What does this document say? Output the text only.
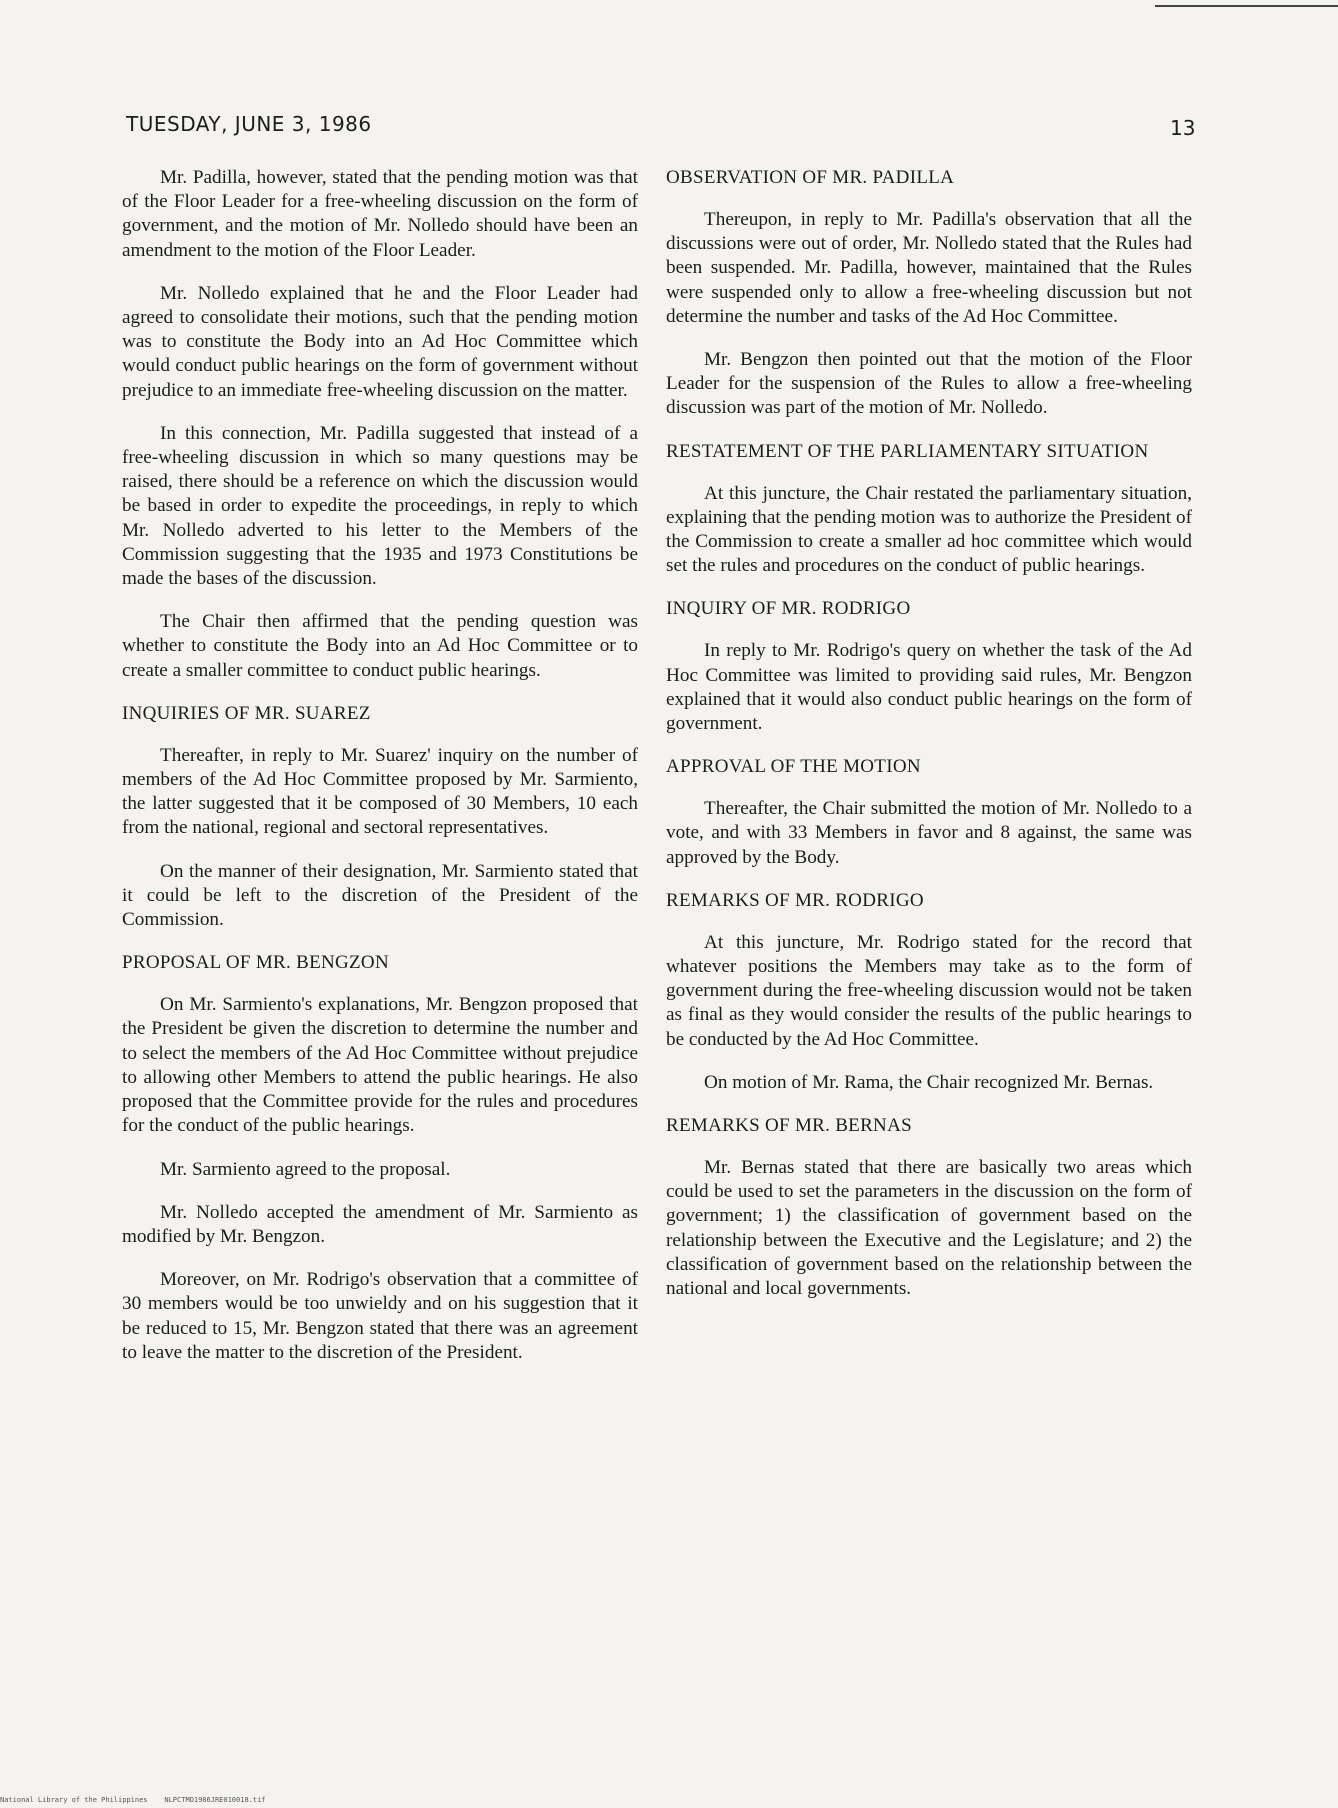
TUESDAY, JUNE 3, 1986	13

Mr. Padilla, however, stated that the pending motion was that of the Floor Leader for a free-wheeling discussion on the form of government, and the motion of Mr. Nolledo should have been an amendment to the motion of the Floor Leader.

Mr. Nolledo explained that he and the Floor Leader had agreed to consolidate their motions, such that the pending motion was to constitute the Body into an Ad Hoc Committee which would conduct public hearings on the form of government without prejudice to an immediate free-wheeling discussion on the matter.

In this connection, Mr. Padilla suggested that instead of a free-wheeling discussion in which so many questions may be raised, there should be a reference on which the discussion would be based in order to expedite the proceedings, in reply to which Mr. Nolledo adverted to his letter to the Members of the Commission suggesting that the 1935 and 1973 Constitutions be made the bases of the discussion.

The Chair then affirmed that the pending question was whether to constitute the Body into an Ad Hoc Committee or to create a smaller committee to conduct public hearings.

INQUIRIES OF MR. SUAREZ

Thereafter, in reply to Mr. Suarez' inquiry on the number of members of the Ad Hoc Committee proposed by Mr. Sarmiento, the latter suggested that it be composed of 30 Members, 10 each from the national, regional and sectoral representatives.

On the manner of their designation, Mr. Sarmiento stated that it could be left to the discretion of the President of the Commission.

PROPOSAL OF MR. BENGZON

On Mr. Sarmiento's explanations, Mr. Bengzon proposed that the President be given the discretion to determine the number and to select the members of the Ad Hoc Committee without prejudice to allowing other Members to attend the public hearings. He also proposed that the Committee provide for the rules and procedures for the conduct of the public hearings.

Mr. Sarmiento agreed to the proposal.

Mr. Nolledo accepted the amendment of Mr. Sarmiento as modified by Mr. Bengzon.

Moreover, on Mr. Rodrigo's observation that a committee of 30 members would be too unwieldy and on his suggestion that it be reduced to 15, Mr. Bengzon stated that there was an agreement to leave the matter to the discretion of the President.

OBSERVATION OF MR. PADILLA

Thereupon, in reply to Mr. Padilla's observation that all the discussions were out of order, Mr. Nolledo stated that the Rules had been suspended. Mr. Padilla, however, maintained that the Rules were suspended only to allow a free-wheeling discussion but not determine the number and tasks of the Ad Hoc Committee.

Mr. Bengzon then pointed out that the motion of the Floor Leader for the suspension of the Rules to allow a free-wheeling discussion was part of the motion of Mr. Nolledo.

RESTATEMENT OF THE PARLIAMENTARY SITUATION

At this juncture, the Chair restated the parliamentary situation, explaining that the pending motion was to authorize the President of the Commission to create a smaller ad hoc committee which would set the rules and procedures on the conduct of public hearings.

INQUIRY OF MR. RODRIGO

In reply to Mr. Rodrigo's query on whether the task of the Ad Hoc Committee was limited to providing said rules, Mr. Bengzon explained that it would also conduct public hearings on the form of government.

APPROVAL OF THE MOTION

Thereafter, the Chair submitted the motion of Mr. Nolledo to a vote, and with 33 Members in favor and 8 against, the same was approved by the Body.

REMARKS OF MR. RODRIGO

At this juncture, Mr. Rodrigo stated for the record that whatever positions the Members may take as to the form of government during the free-wheeling discussion would not be taken as final as they would consider the results of the public hearings to be conducted by the Ad Hoc Committee.

On motion of Mr. Rama, the Chair recognized Mr. Bernas.

REMARKS OF MR. BERNAS

Mr. Bernas stated that there are basically two areas which could be used to set the parameters in the discussion on the form of government; 1) the classification of government based on the relationship between the Executive and the Legislature; and 2) the classification of government based on the relationship between the national and local governments.

National Library of the Philippines NLPCTMO1986JRE010018.tif
